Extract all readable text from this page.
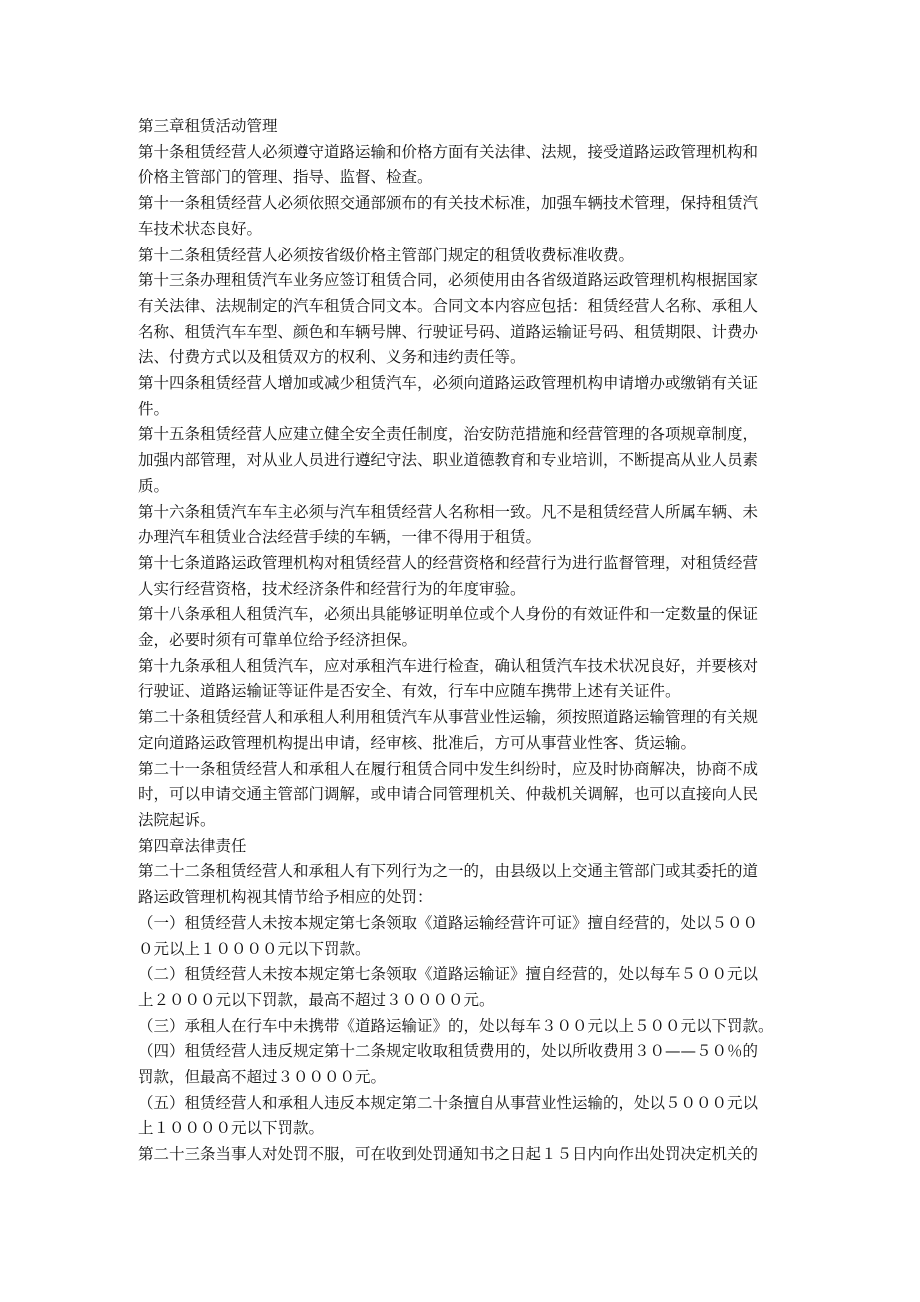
第三章租赁活动管理
第十条租赁经营人必须遵守道路运输和价格方面有关法律、法规，接受道路运政管理机构和
价格主管部门的管理、指导、监督、检查。
第十一条租赁经营人必须依照交通部颁布的有关技术标准，加强车辆技术管理，保持租赁汽
车技术状态良好。
第十二条租赁经营人必须按省级价格主管部门规定的租赁收费标准收费。
第十三条办理租赁汽车业务应签订租赁合同，必须使用由各省级道路运政管理机构根据国家
有关法律、法规制定的汽车租赁合同文本。合同文本内容应包括：租赁经营人名称、承租人
名称、租赁汽车车型、颜色和车辆号牌、行驶证号码、道路运输证号码、租赁期限、计费办
法、付费方式以及租赁双方的权利、义务和违约责任等。
第十四条租赁经营人增加或减少租赁汽车，必须向道路运政管理机构申请增办或缴销有关证
件。
第十五条租赁经营人应建立健全安全责任制度，治安防范措施和经营管理的各项规章制度，
加强内部管理，对从业人员进行遵纪守法、职业道德教育和专业培训，不断提高从业人员素
质。
第十六条租赁汽车车主必须与汽车租赁经营人名称相一致。凡不是租赁经营人所属车辆、未
办理汽车租赁业合法经营手续的车辆，一律不得用于租赁。
第十七条道路运政管理机构对租赁经营人的经营资格和经营行为进行监督管理，对租赁经营
人实行经营资格，技术经济条件和经营行为的年度审验。
第十八条承租人租赁汽车，必须出具能够证明单位或个人身份的有效证件和一定数量的保证
金，必要时须有可靠单位给予经济担保。
第十九条承租人租赁汽车，应对承租汽车进行检查，确认租赁汽车技术状况良好，并要核对
行驶证、道路运输证等证件是否安全、有效，行车中应随车携带上述有关证件。
第二十条租赁经营人和承租人利用租赁汽车从事营业性运输，须按照道路运输管理的有关规
定向道路运政管理机构提出申请，经审核、批准后，方可从事营业性客、货运输。
第二十一条租赁经营人和承租人在履行租赁合同中发生纠纷时，应及时协商解决，协商不成
时，可以申请交通主管部门调解，或申请合同管理机关、仲裁机关调解，也可以直接向人民
法院起诉。
第四章法律责任
第二十二条租赁经营人和承租人有下列行为之一的，由县级以上交通主管部门或其委托的道
路运政管理机构视其情节给予相应的处罚：
（一）租赁经营人未按本规定第七条领取《道路运输经营许可证》擅自经营的，处以５００
０元以上１００００元以下罚款。
（二）租赁经营人未按本规定第七条领取《道路运输证》擅自经营的，处以每车５００元以
上２０００元以下罚款，最高不超过３００００元。
（三）承租人在行车中未携带《道路运输证》的，处以每车３００元以上５００元以下罚款。
（四）租赁经营人违反规定第十二条规定收取租赁费用的，处以所收费用３０——５０％的
罚款，但最高不超过３００００元。
（五）租赁经营人和承租人违反本规定第二十条擅自从事营业性运输的，处以５０００元以
上１００００元以下罚款。
第二十三条当事人对处罚不服，可在收到处罚通知书之日起１５日内向作出处罚决定机关的
